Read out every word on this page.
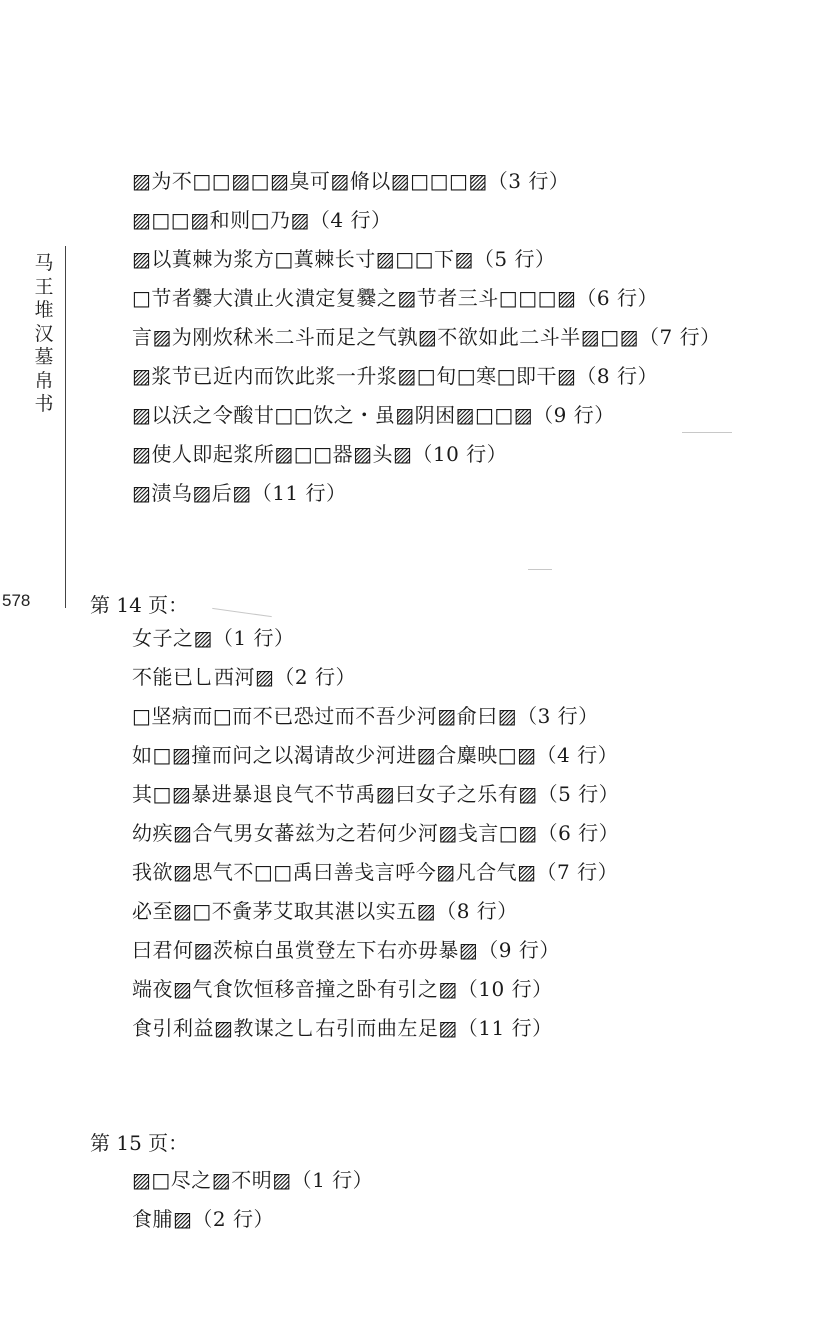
马王堆汉墓帛书
578
▨为不□□▨□▨臭可▨脩以▨□□□▨（3 行）
▨□□▨和则□乃▨（4 行）
▨以蒖棘为浆方□蒖棘长寸▨□□下▨（5 行）
□节者爨大潰止火潰定复爨之▨节者三斗□□□▨（6 行）
言▨为刚炊秫米二斗而足之气孰▨不欲如此二斗半▨□▨（7 行）
▨浆节已近内而饮此浆一升浆▨□旬□寒□即干▨（8 行）
▨以沃之令酸甘□□饮之・虽▨阴困▨□□▨（9 行）
▨使人即起浆所▨□□器▨头▨（10 行）
▨渍乌▨后▨（11 行）
第 14 页：
女子之▨（1 行）
不能已乚西河▨（2 行）
□坚病而□而不已恐过而不吾少河▨俞曰▨（3 行）
如□▨撞而问之以渴请故少河进▨合麋映□▨（4 行）
其□▨暴进暴退良气不节禹▨曰女子之乐有▨（5 行）
幼疾▨合气男女蕃兹为之若何少河▨戋言□▨（6 行）
我欲▨思气不□□禹曰善戋言呼今▨凡合气▨（7 行）
必至▨□不夤茅艾取其湛以实五▨（8 行）
曰君何▨茨椋白虽赏登左下右亦毋暴▨（9 行）
端夜▨气食饮恒移音撞之卧有引之▨（10 行）
食引利益▨教谋之乚右引而曲左足▨（11 行）
第 15 页：
▨□尽之▨不明▨（1 行）
食脯▨（2 行）
